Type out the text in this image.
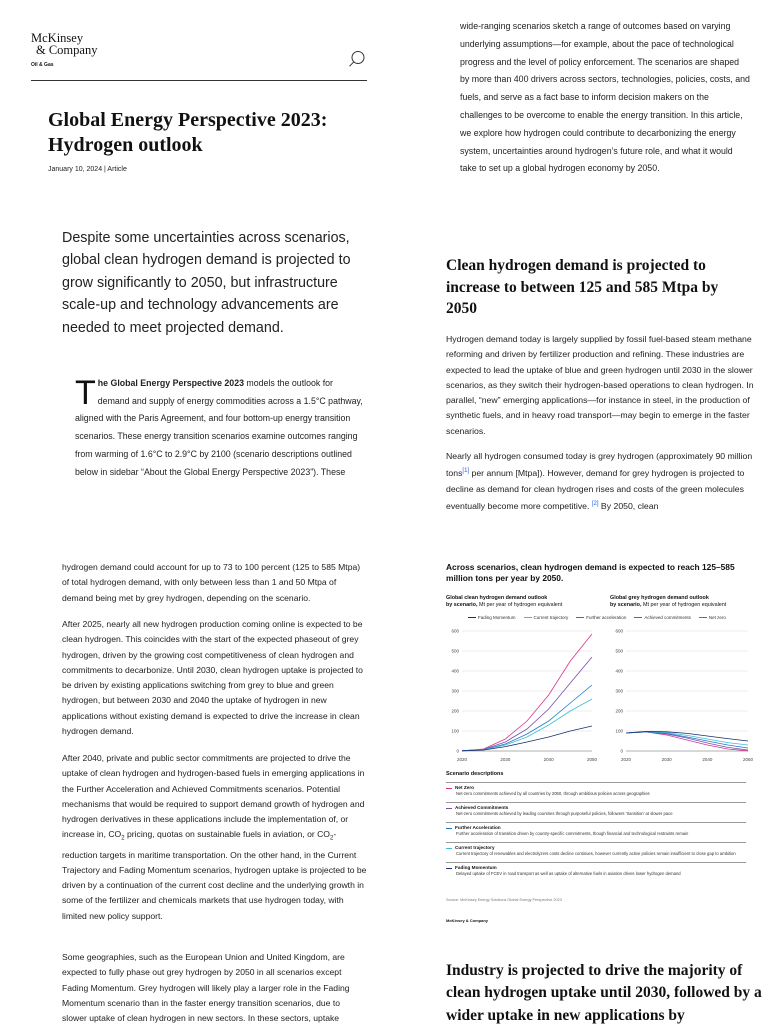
McKinsey
& Company
Oil & Gas
Global Energy Perspective 2023: Hydrogen outlook
January 10, 2024 | Article

Despite some uncertainties across scenarios, global clean hydrogen demand is projected to grow significantly to 2050, but infrastructure scale-up and technology advancements are needed to meet projected demand.

The Global Energy Perspective 2023 models the outlook for demand and supply of energy commodities across a 1.5°C pathway, aligned with the Paris Agreement, and four bottom-up energy transition scenarios. These energy transition scenarios examine outcomes ranging from warming of 1.6°C to 2.9°C by 2100 (scenario descriptions outlined below in sidebar “About the Global Energy Perspective 2023”). These

wide-ranging scenarios sketch a range of outcomes based on varying underlying assumptions—for example, about the pace of technological progress and the level of policy enforcement. The scenarios are shaped by more than 400 drivers across sectors, technologies, policies, costs, and fuels, and serve as a fact base to inform decision makers on the challenges to be overcome to enable the energy transition. In this article, we explore how hydrogen could contribute to decarbonizing the energy system, uncertainties around hydrogen’s future role, and what it would take to set up a global hydrogen economy by 2050.

Clean hydrogen demand is projected to increase to between 125 and 585 Mtpa by 2050

Hydrogen demand today is largely supplied by fossil fuel-based steam methane reforming and driven by fertilizer production and refining. These industries are expected to lead the uptake of blue and green hydrogen until 2030 in the slower scenarios, as they switch their hydrogen-based operations to clean hydrogen. In parallel, “new” emerging applications—for instance in steel, in the production of synthetic fuels, and in heavy road transport—may begin to emerge in the faster scenarios.

Nearly all hydrogen consumed today is grey hydrogen (approximately 90 million tons[1] per annum [Mtpa]). However, demand for grey hydrogen is projected to decline as demand for clean hydrogen rises and costs of the green molecules eventually become more competitive. [2] By 2050, clean

hydrogen demand could account for up to 73 to 100 percent (125 to 585 Mtpa) of total hydrogen demand, with only between less than 1 and 50 Mtpa of demand being met by grey hydrogen, depending on the scenario.

After 2025, nearly all new hydrogen production coming online is expected to be clean hydrogen. This coincides with the start of the expected phaseout of grey hydrogen, driven by the growing cost competitiveness of clean hydrogen and commitments to decarbonize. Until 2030, clean hydrogen uptake is projected to be driven by existing applications switching from grey to blue and green hydrogen, but between 2030 and 2040 the uptake of hydrogen in new applications without existing demand is expected to drive the increase in clean hydrogen demand.

After 2040, private and public sector commitments are projected to drive the uptake of clean hydrogen and hydrogen-based fuels in emerging applications in the Further Acceleration and Achieved Commitments scenarios. Potential mechanisms that would be required to support demand growth of hydrogen and hydrogen derivatives in these applications include the implementation of, or increase in, $CO_2$ pricing, quotas on sustainable fuels in aviation, or $CO_2$-reduction targets in maritime transportation. On the other hand, in the Current Trajectory and Fading Momentum scenarios, hydrogen uptake is projected to be driven by a continuation of the current cost decline and the underlying growth in some of the fertilizer and chemicals markets that use hydrogen today, with limited new policy support.

Some geographies, such as the European Union and United Kingdom, are expected to fully phase out grey hydrogen by 2050 in all scenarios except Fading Momentum. Grey hydrogen will likely play a larger role in the Fading Momentum scenario than in the faster energy transition scenarios, due to slower uptake of clean hydrogen in new sectors. In these sectors, uptake

Across scenarios, clean hydrogen demand is expected to reach 125–585 million tons per year by 2050.
Global clean hydrogen demand outlook
by scenario, Mt per year of hydrogen equivalent
Global grey hydrogen demand outlook
by scenario, Mt per year of hydrogen equivalent
Fading Momentum	Current trajectory	Further acceleration	Achieved commitments	Net zero
0
100
200
300
400
500
600
2020	2030	2040	2050
0
100
200
300
400
500
600
2020	2030	2040	2050
Scenario descriptions
Net Zero
Net-zero commitments achieved by all countries by 2050, through ambitious policies across geographies
Achieved Commitments
Net-zero commitments achieved by leading countries through purposeful policies, followers ‘transition’ at slower pace
Further Acceleration
Further acceleration of transition driven by country-specific commitments, though financial and technological restraints remain
Current trajectory
Current trajectory of renewables and electrolyzers costs decline continues, however currently active policies remain insufficient to close gap to ambition
Fading Momentum
Delayed uptake of FCEV in road transport as well as uptake of alternative fuels in aviation drives lower hydrogen demand
Source: McKinsey Energy Solutions Global Energy Perspective 2023
McKinsey & Company
Industry is projected to drive the majority of clean hydrogen uptake until 2030, followed by a wider uptake in new applications by
